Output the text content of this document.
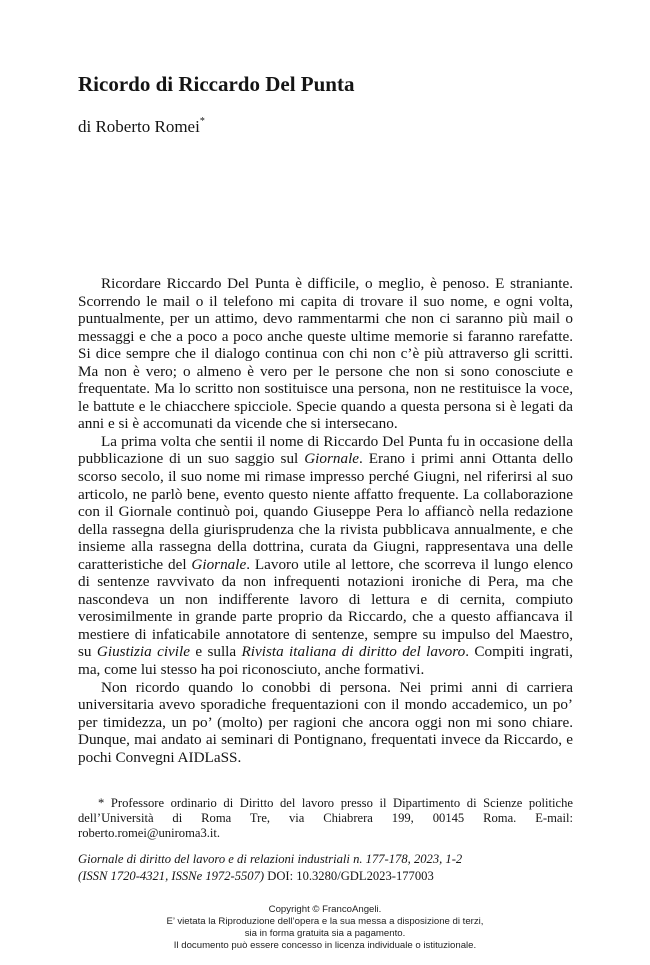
Ricordo di Riccardo Del Punta
di Roberto Romei*

Ricordare Riccardo Del Punta è difficile, o meglio, è penoso. E straniante. Scorrendo le mail o il telefono mi capita di trovare il suo nome, e ogni volta, puntualmente, per un attimo, devo rammentarmi che non ci saranno più mail o messaggi e che a poco a poco anche queste ultime memorie si faranno rarefatte. Si dice sempre che il dialogo continua con chi non c’è più attraverso gli scritti. Ma non è vero; o almeno è vero per le persone che non si sono conosciute e frequentate. Ma lo scritto non sostituisce una persona, non ne restituisce la voce, le battute e le chiacchere spicciole. Specie quando a questa persona si è legati da anni e si è accomunati da vicende che si intersecano.

La prima volta che sentii il nome di Riccardo Del Punta fu in occasione della pubblicazione di un suo saggio sul Giornale. Erano i primi anni Ottanta dello scorso secolo, il suo nome mi rimase impresso perché Giugni, nel riferirsi al suo articolo, ne parlò bene, evento questo niente affatto frequente. La collaborazione con il Giornale continuò poi, quando Giuseppe Pera lo affiancò nella redazione della rassegna della giurisprudenza che la rivista pubblicava annualmente, e che insieme alla rassegna della dottrina, curata da Giugni, rappresentava una delle caratteristiche del Giornale. Lavoro utile al lettore, che scorreva il lungo elenco di sentenze ravvivato da non infrequenti notazioni ironiche di Pera, ma che nascondeva un non indifferente lavoro di lettura e di cernita, compiuto verosimilmente in grande parte proprio da Riccardo, che a questo affiancava il mestiere di infaticabile annotatore di sentenze, sempre su impulso del Maestro, su Giustizia civile e sulla Rivista italiana di diritto del lavoro. Compiti ingrati, ma, come lui stesso ha poi riconosciuto, anche formativi.

Non ricordo quando lo conobbi di persona. Nei primi anni di carriera universitaria avevo sporadiche frequentazioni con il mondo accademico, un po’ per timidezza, un po’ (molto) per ragioni che ancora oggi non mi sono chiare. Dunque, mai andato ai seminari di Pontignano, frequentati invece da Riccardo, e pochi Convegni AIDLaSS.

* Professore ordinario di Diritto del lavoro presso il Dipartimento di Scienze politiche dell’Università di Roma Tre, via Chiabrera 199, 00145 Roma. E-mail: roberto.romei@uniroma3.it.

Giornale di diritto del lavoro e di relazioni industriali n. 177-178, 2023, 1-2
(ISSN 1720-4321, ISSNe 1972-5507) DOI: 10.3280/GDL2023-177003
Copyright © FrancoAngeli.
E’ vietata la Riproduzione dell’opera e la sua messa a disposizione di terzi,
sia in forma gratuita sia a pagamento.
Il documento può essere concesso in licenza individuale o istituzionale.
